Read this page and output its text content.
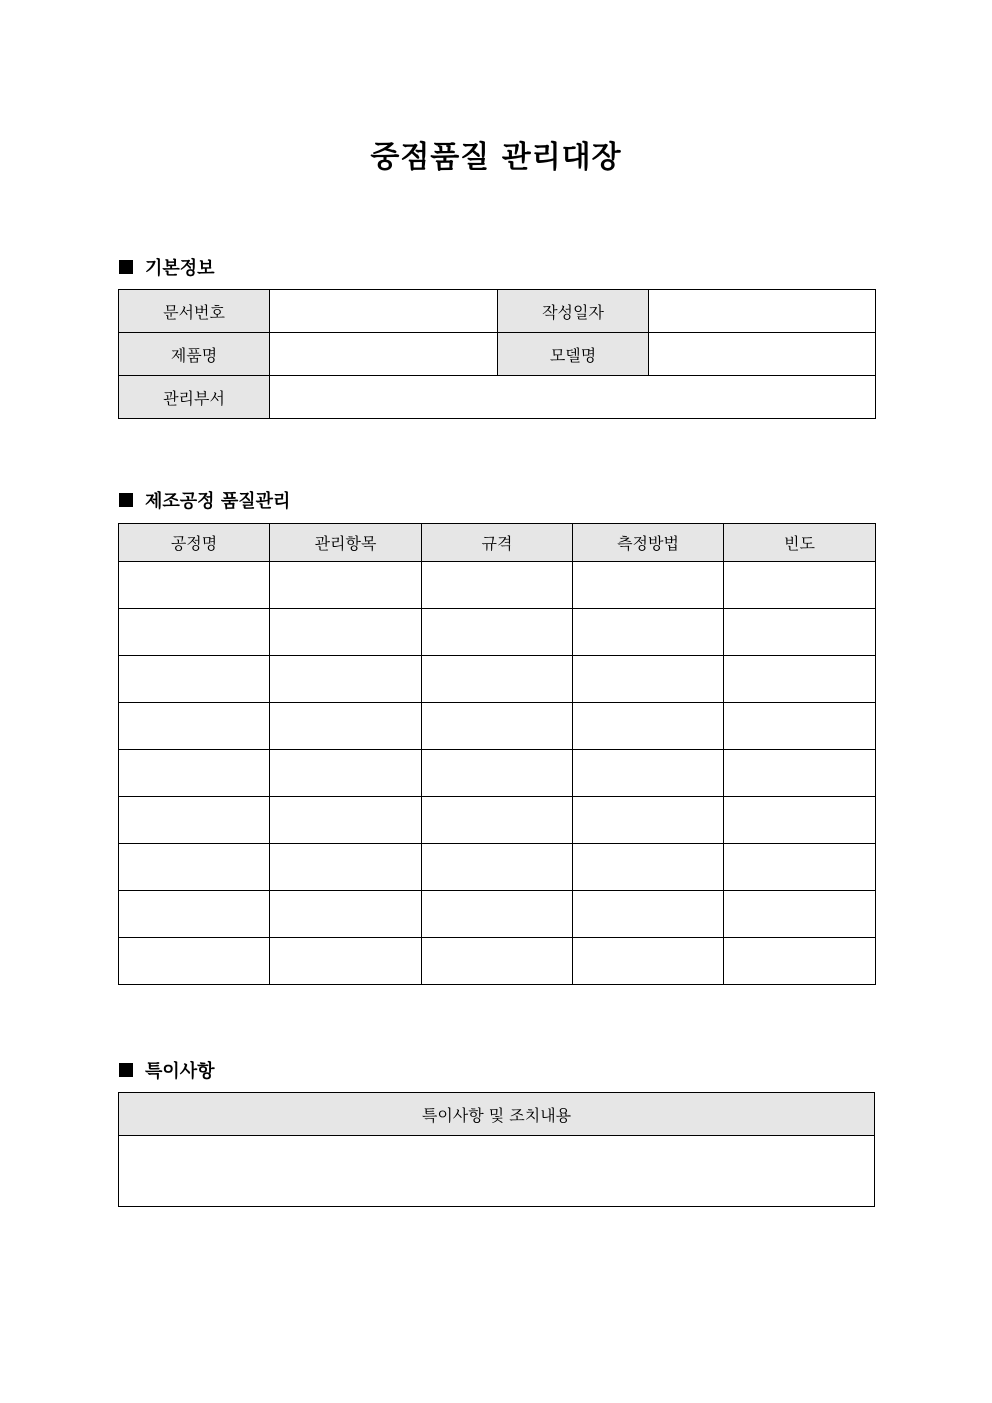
중점품질 관리대장
기본정보
문서번호		작성일자	
제품명		모델명	
관리부서			
제조공정 품질관리
공정명	관리항목	규격	측정방법	빈도

특이사항
특이사항 및 조치내용
